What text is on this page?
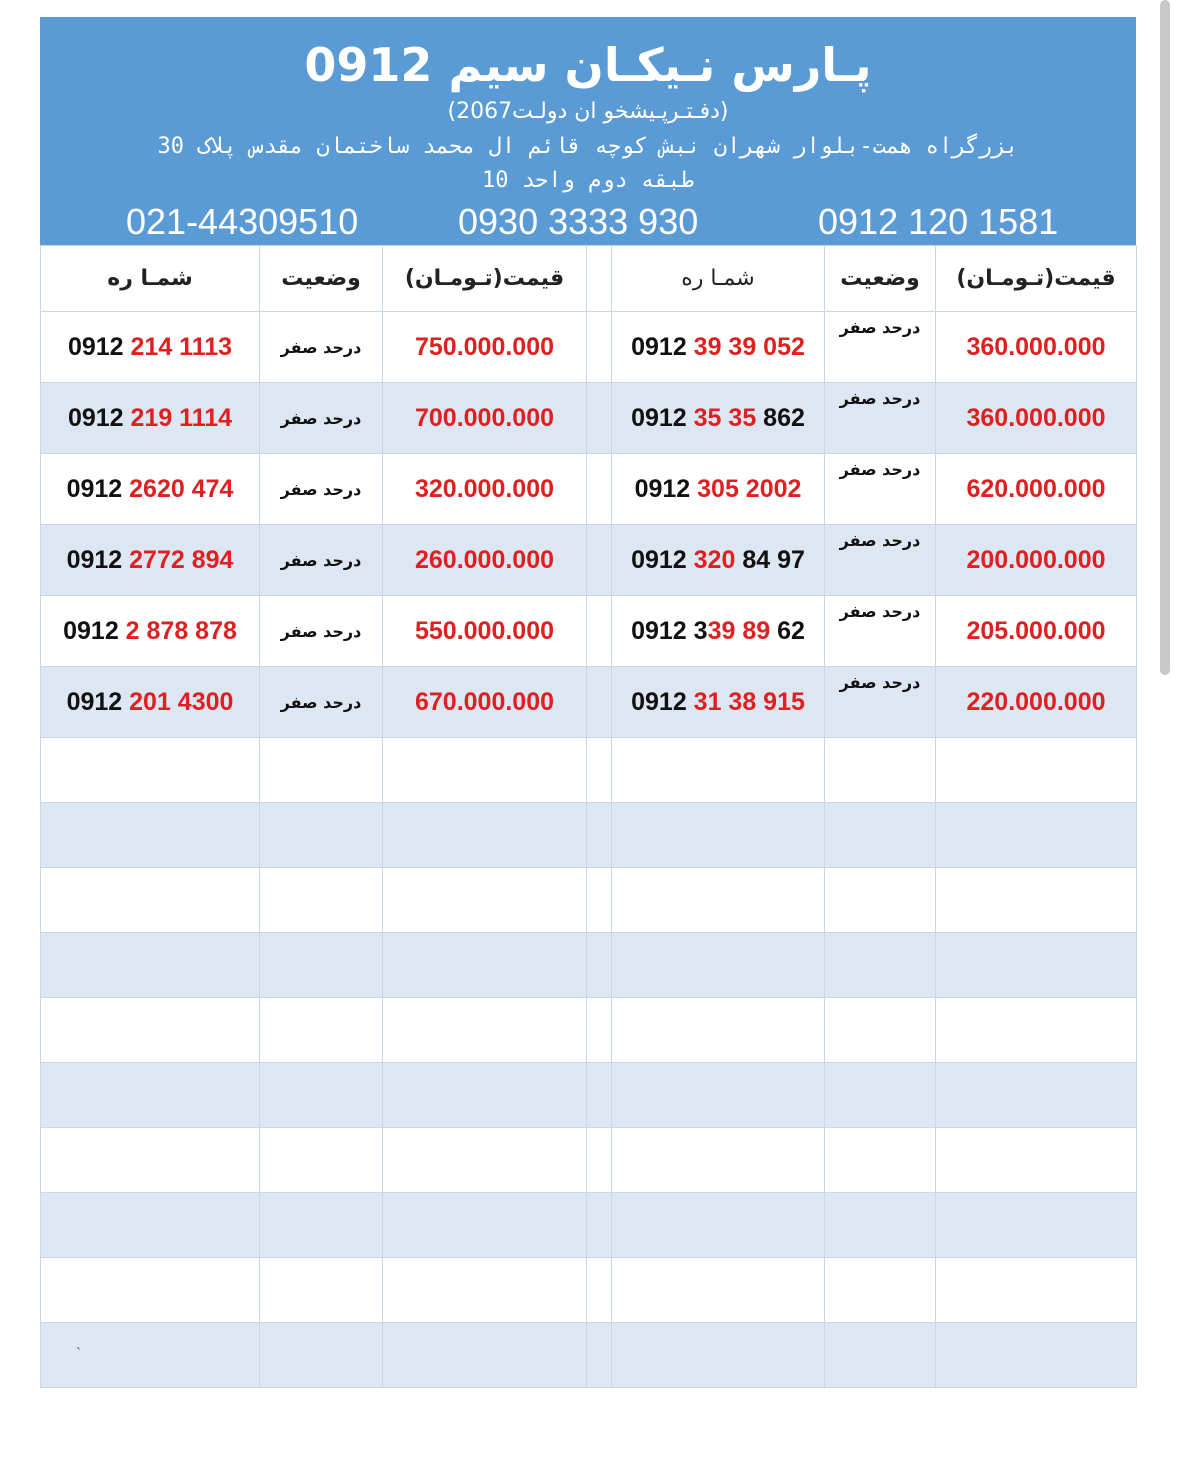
پـارس نـیکـان سیم 0912
(دفـتـرپـیشخو ان دولـت2067)
بزرگراه همت-بلوار شهران نبش کوچه قائم ال محمد ساختمان مقدس پلاک 30
طبقه دوم واحد 10
021-44309510	0930 3333 930	0912 120 1581
شمـا ره	وضعیت	قیمت(تـومـان)		شمـا ره	وضعیت	قیمت(تـومـان)
0912 214 1113	درحد صفر	750.000.000		0912 39 39 052	درحد صفر	360.000.000
0912 219 1114	درحد صفر	700.000.000		0912 35 35 862	درحد صفر	360.000.000
0912 2620 474	درحد صفر	320.000.000		0912 305 2002	درحد صفر	620.000.000
0912 2772 894	درحد صفر	260.000.000		0912 320 84 97	درحد صفر	200.000.000
0912 2 878 878	درحد صفر	550.000.000		0912 339 89 62	درحد صفر	205.000.000
0912 201 4300	درحد صفر	670.000.000		0912 31 38 915	درحد صفر	220.000.000

ˋ
